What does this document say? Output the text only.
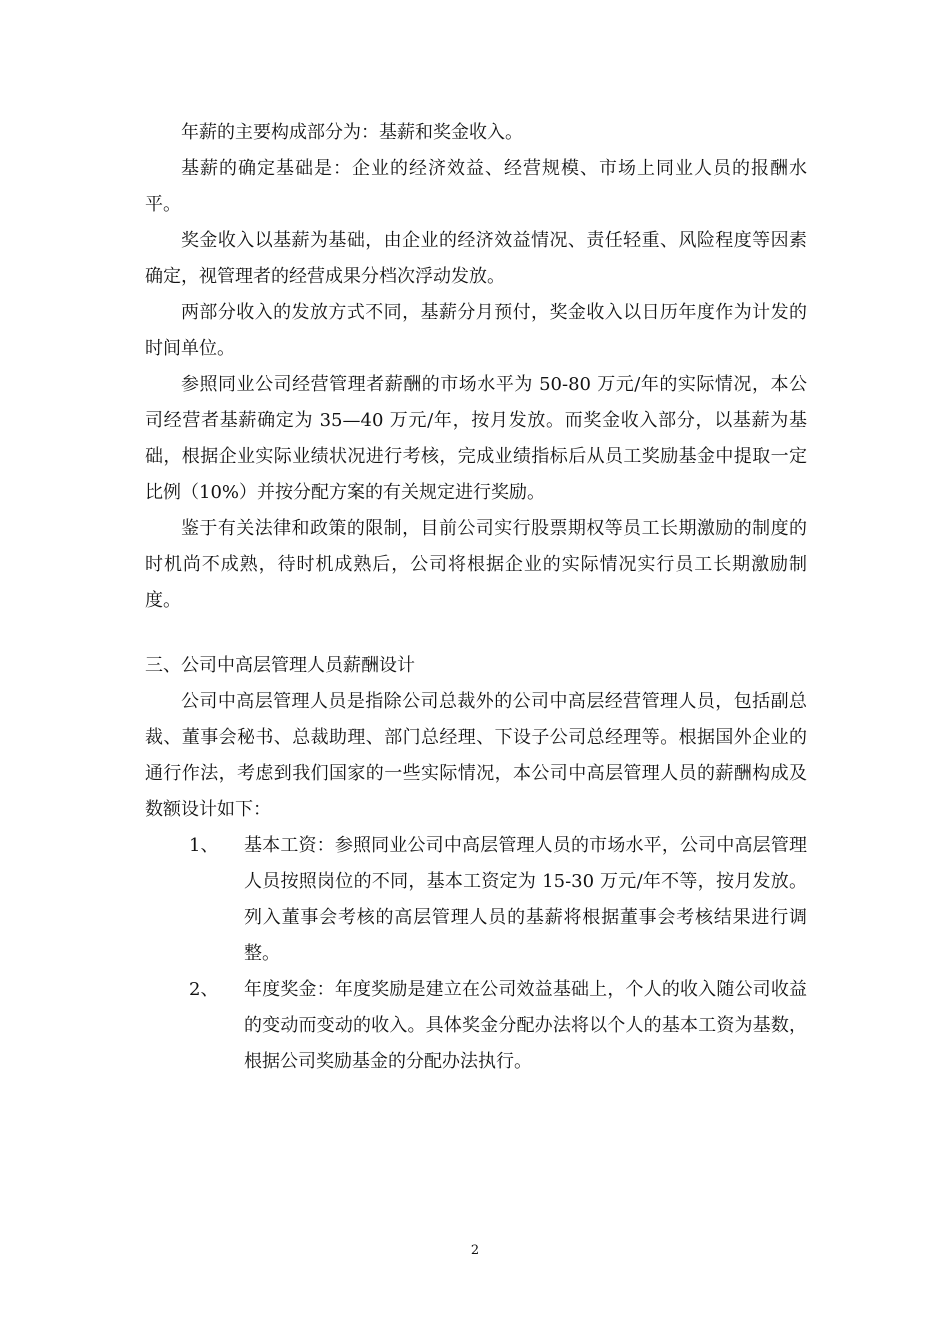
年薪的主要构成部分为：基薪和奖金收入。

基薪的确定基础是：企业的经济效益、经营规模、市场上同业人员的报酬水平。

奖金收入以基薪为基础，由企业的经济效益情况、责任轻重、风险程度等因素确定，视管理者的经营成果分档次浮动发放。

两部分收入的发放方式不同，基薪分月预付，奖金收入以日历年度作为计发的时间单位。

参照同业公司经营管理者薪酬的市场水平为 50-80 万元/年的实际情况，本公司经营者基薪确定为 35—40 万元/年，按月发放。而奖金收入部分，以基薪为基础，根据企业实际业绩状况进行考核，完成业绩指标后从员工奖励基金中提取一定比例（10%）并按分配方案的有关规定进行奖励。

鉴于有关法律和政策的限制，目前公司实行股票期权等员工长期激励的制度的时机尚不成熟，待时机成熟后，公司将根据企业的实际情况实行员工长期激励制度。

三、公司中高层管理人员薪酬设计

公司中高层管理人员是指除公司总裁外的公司中高层经营管理人员，包括副总裁、董事会秘书、总裁助理、部门总经理、下设子公司总经理等。根据国外企业的通行作法，考虑到我们国家的一些实际情况，本公司中高层管理人员的薪酬构成及数额设计如下：

1、 基本工资：参照同业公司中高层管理人员的市场水平，公司中高层管理人员按照岗位的不同，基本工资定为 15-30 万元/年不等，按月发放。列入董事会考核的高层管理人员的基薪将根据董事会考核结果进行调整。
2、 年度奖金：年度奖励是建立在公司效益基础上，个人的收入随公司收益的变动而变动的收入。具体奖金分配办法将以个人的基本工资为基数，根据公司奖励基金的分配办法执行。
2
